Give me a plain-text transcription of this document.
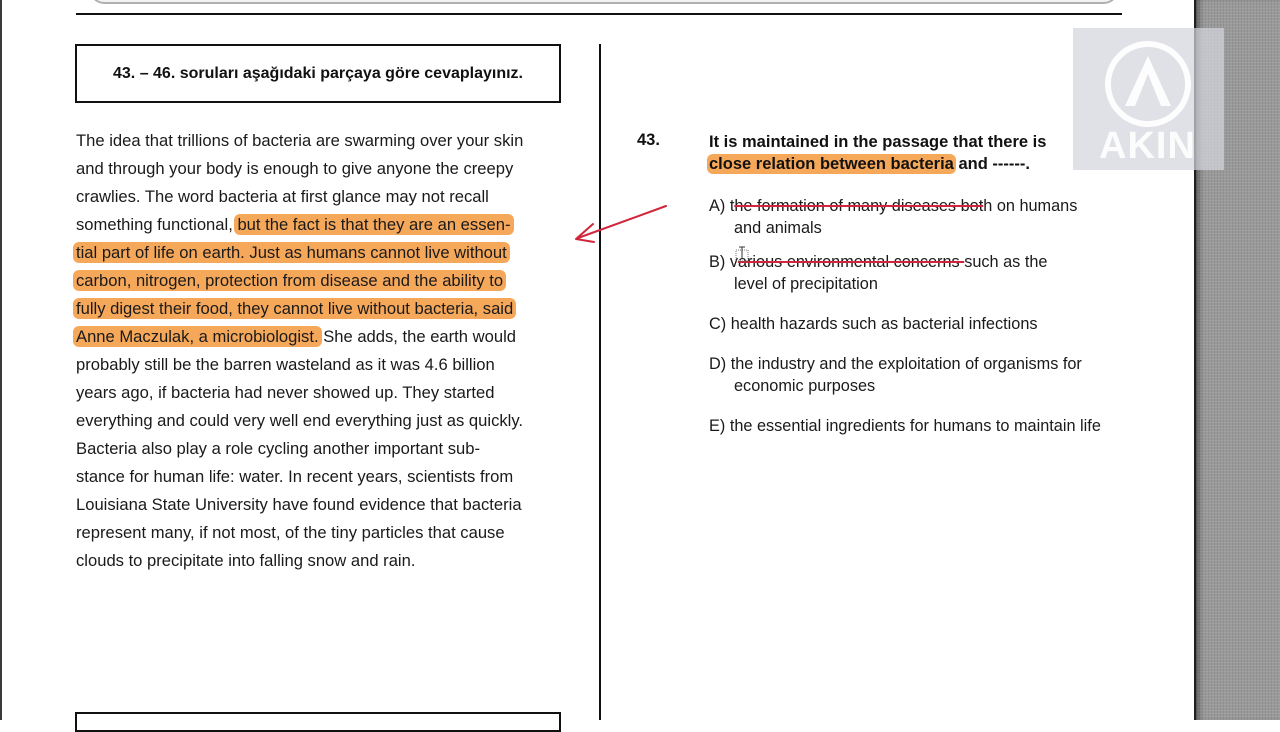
43. – 46. soruları aşağıdaki parçaya göre cevaplayınız.
The idea that trillions of bacteria are swarming over your skin
and through your body is enough to give anyone the creepy
crawlies. The word bacteria at first glance may not recall
something functional, but the fact is that they are an essen-
tial part of life on earth. Just as humans cannot live without
carbon, nitrogen, protection from disease and the ability to
fully digest their food, they cannot live without bacteria, said
Anne Maczulak, a microbiologist. She adds, the earth would
probably still be the barren wasteland as it was 4.6 billion
years ago, if bacteria had never showed up. They started
everything and could very well end everything just as quickly.
Bacteria also play a role cycling another important sub-
stance for human life: water. In recent years, scientists from
Louisiana State University have found evidence that bacteria
represent many, if not most, of the tiny particles that cause
clouds to precipitate into falling snow and rain.
43.	It is maintained in the passage that there is
close relation between bacteria and ------.
A) the formation of many diseases both on humans
and animals
B) various environmental concerns such as the
level of precipitation
C) health hazards such as bacterial infections
D) the industry and the exploitation of organisms for
economic purposes
E) the essential ingredients for humans to maintain life
AKIN
